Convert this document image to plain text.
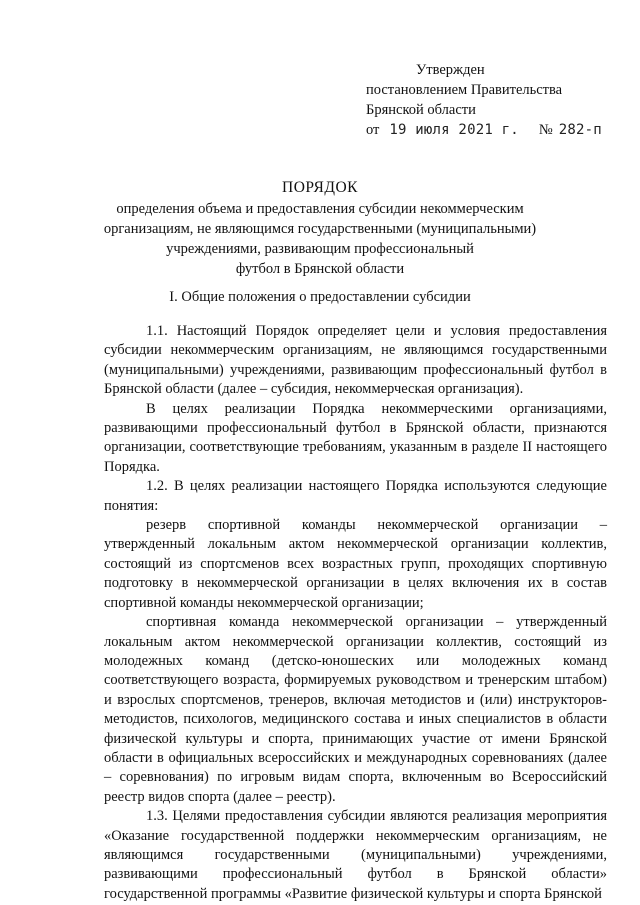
Утвержден
постановлением Правительства
Брянской области
от 19 июля 2021 г. № 282-п
ПОРЯДОК
определения объема и предоставления субсидии некоммерческим
организациям, не являющимся государственными (муниципальными)
учреждениями, развивающим профессиональный
футбол в Брянской области
I. Общие положения о предоставлении субсидии

1.1. Настоящий Порядок определяет цели и условия предоставления субсидии некоммерческим организациям, не являющимся государственными (муниципальными) учреждениями, развивающим профессиональный футбол в Брянской области (далее – субсидия, некоммерческая организация).

В целях реализации Порядка некоммерческими организациями, развивающими профессиональный футбол в Брянской области, признаются организации, соответствующие требованиям, указанным в разделе II настоящего Порядка.

1.2. В целях реализации настоящего Порядка используются следующие понятия:

резерв спортивной команды некоммерческой организации – утвержденный локальным актом некоммерческой организации коллектив, состоящий из спортсменов всех возрастных групп, проходящих спортивную подготовку в некоммерческой организации в целях включения их в состав спортивной команды некоммерческой организации;

спортивная команда некоммерческой организации – утвержденный локальным актом некоммерческой организации коллектив, состоящий из молодежных команд (детско-юношеских или молодежных команд соответствующего возраста, формируемых руководством и тренерским штабом) и взрослых спортсменов, тренеров, включая методистов и (или) инструкторов-методистов, психологов, медицинского состава и иных специалистов в области физической культуры и спорта, принимающих участие от имени Брянской области в официальных всероссийских и международных соревнованиях (далее – соревнования) по игровым видам спорта, включенным во Всероссийский реестр видов спорта (далее – реестр).

1.3. Целями предоставления субсидии являются реализация мероприятия «Оказание государственной поддержки некоммерческим организациям, не являющимся государственными (муниципальными) учреждениями, развивающими профессиональный футбол в Брянской области» государственной программы «Развитие физической культуры и спорта Брянской
